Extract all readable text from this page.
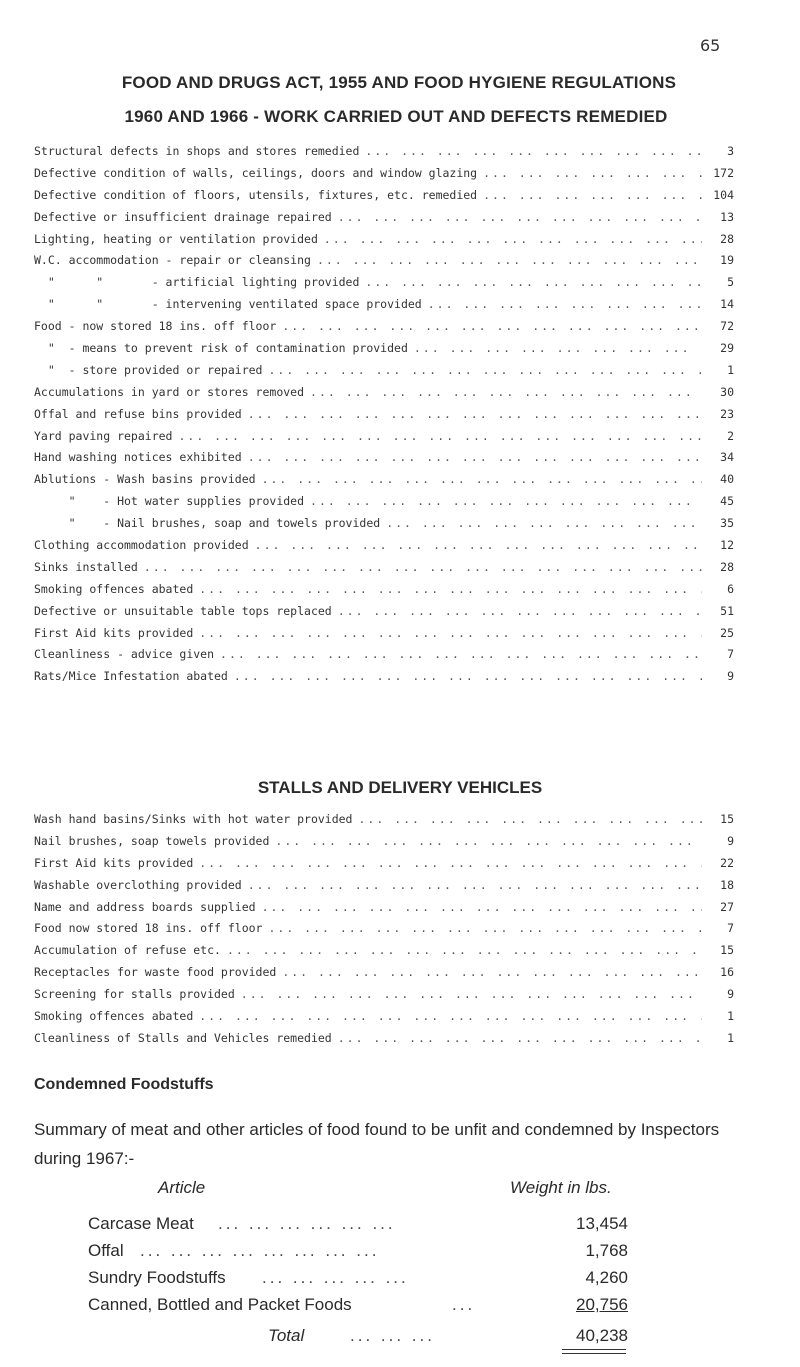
65
FOOD AND DRUGS ACT, 1955 AND FOOD HYGIENE REGULATIONS
1960 AND 1966 - WORK CARRIED OUT AND DEFECTS REMEDIED
Structural defects in shops and stores remedied ... .	3
Defective condition of walls, ceilings, doors and window glazing ... .	172
Defective condition of floors, utensils, fixtures, etc. remedied ... .	104
Defective or insufficient drainage repaired ... .	13
Lighting, heating or ventilation provided ... .	28
W.C. accommodation - repair or cleansing ... .	19
"      "       - artificial lighting provided ... .	5
"      "       - intervening ventilated space provided ... .	14
Food - now stored 18 ins. off floor ... .	72
"  - means to prevent risk of contamination provided ... .	29
"  - store provided or repaired ... .	1
Accumulations in yard or stores removed ... .	30
Offal and refuse bins provided ... .	23
Yard paving repaired ... .	2
Hand washing notices exhibited ... .	34
Ablutions - Wash basins provided ... .	40
"    - Hot water supplies provided ... .	45
"    - Nail brushes, soap and towels provided ... .	35
Clothing accommodation provided ... .	12
Sinks installed ... .	28
Smoking offences abated ... .	6
Defective or unsuitable table tops replaced ... .	51
First Aid kits provided ... .	25
Cleanliness - advice given ... .	7
Rats/Mice Infestation abated ... .	9
STALLS AND DELIVERY VEHICLES
Wash hand basins/Sinks with hot water provided ... .	15
Nail brushes, soap towels provided ... .	9
First Aid kits provided ... .	22
Washable overclothing provided ... .	18
Name and address boards supplied ... .	27
Food now stored 18 ins. off floor ... .	7
Accumulation of refuse etc. ... .	15
Receptacles for waste food provided ... .	16
Screening for stalls provided ... .	9
Smoking offences abated ... .	1
Cleanliness of Stalls and Vehicles remedied ... .	1
Condemned Foodstuffs
Summary of meat and other articles of food found to be unfit and condemned by Inspectors during 1967:-
Article	Weight in lbs.
Carcase Meat ... ... ... ... ... ...	13,454
Offal ... ... ... ... ... ... ... ...	1,768
Sundry Foodstuffs ... ... ... ... ...	4,260
Canned, Bottled and Packet Foods	...	20,756
Total	... ... ...	40,238
